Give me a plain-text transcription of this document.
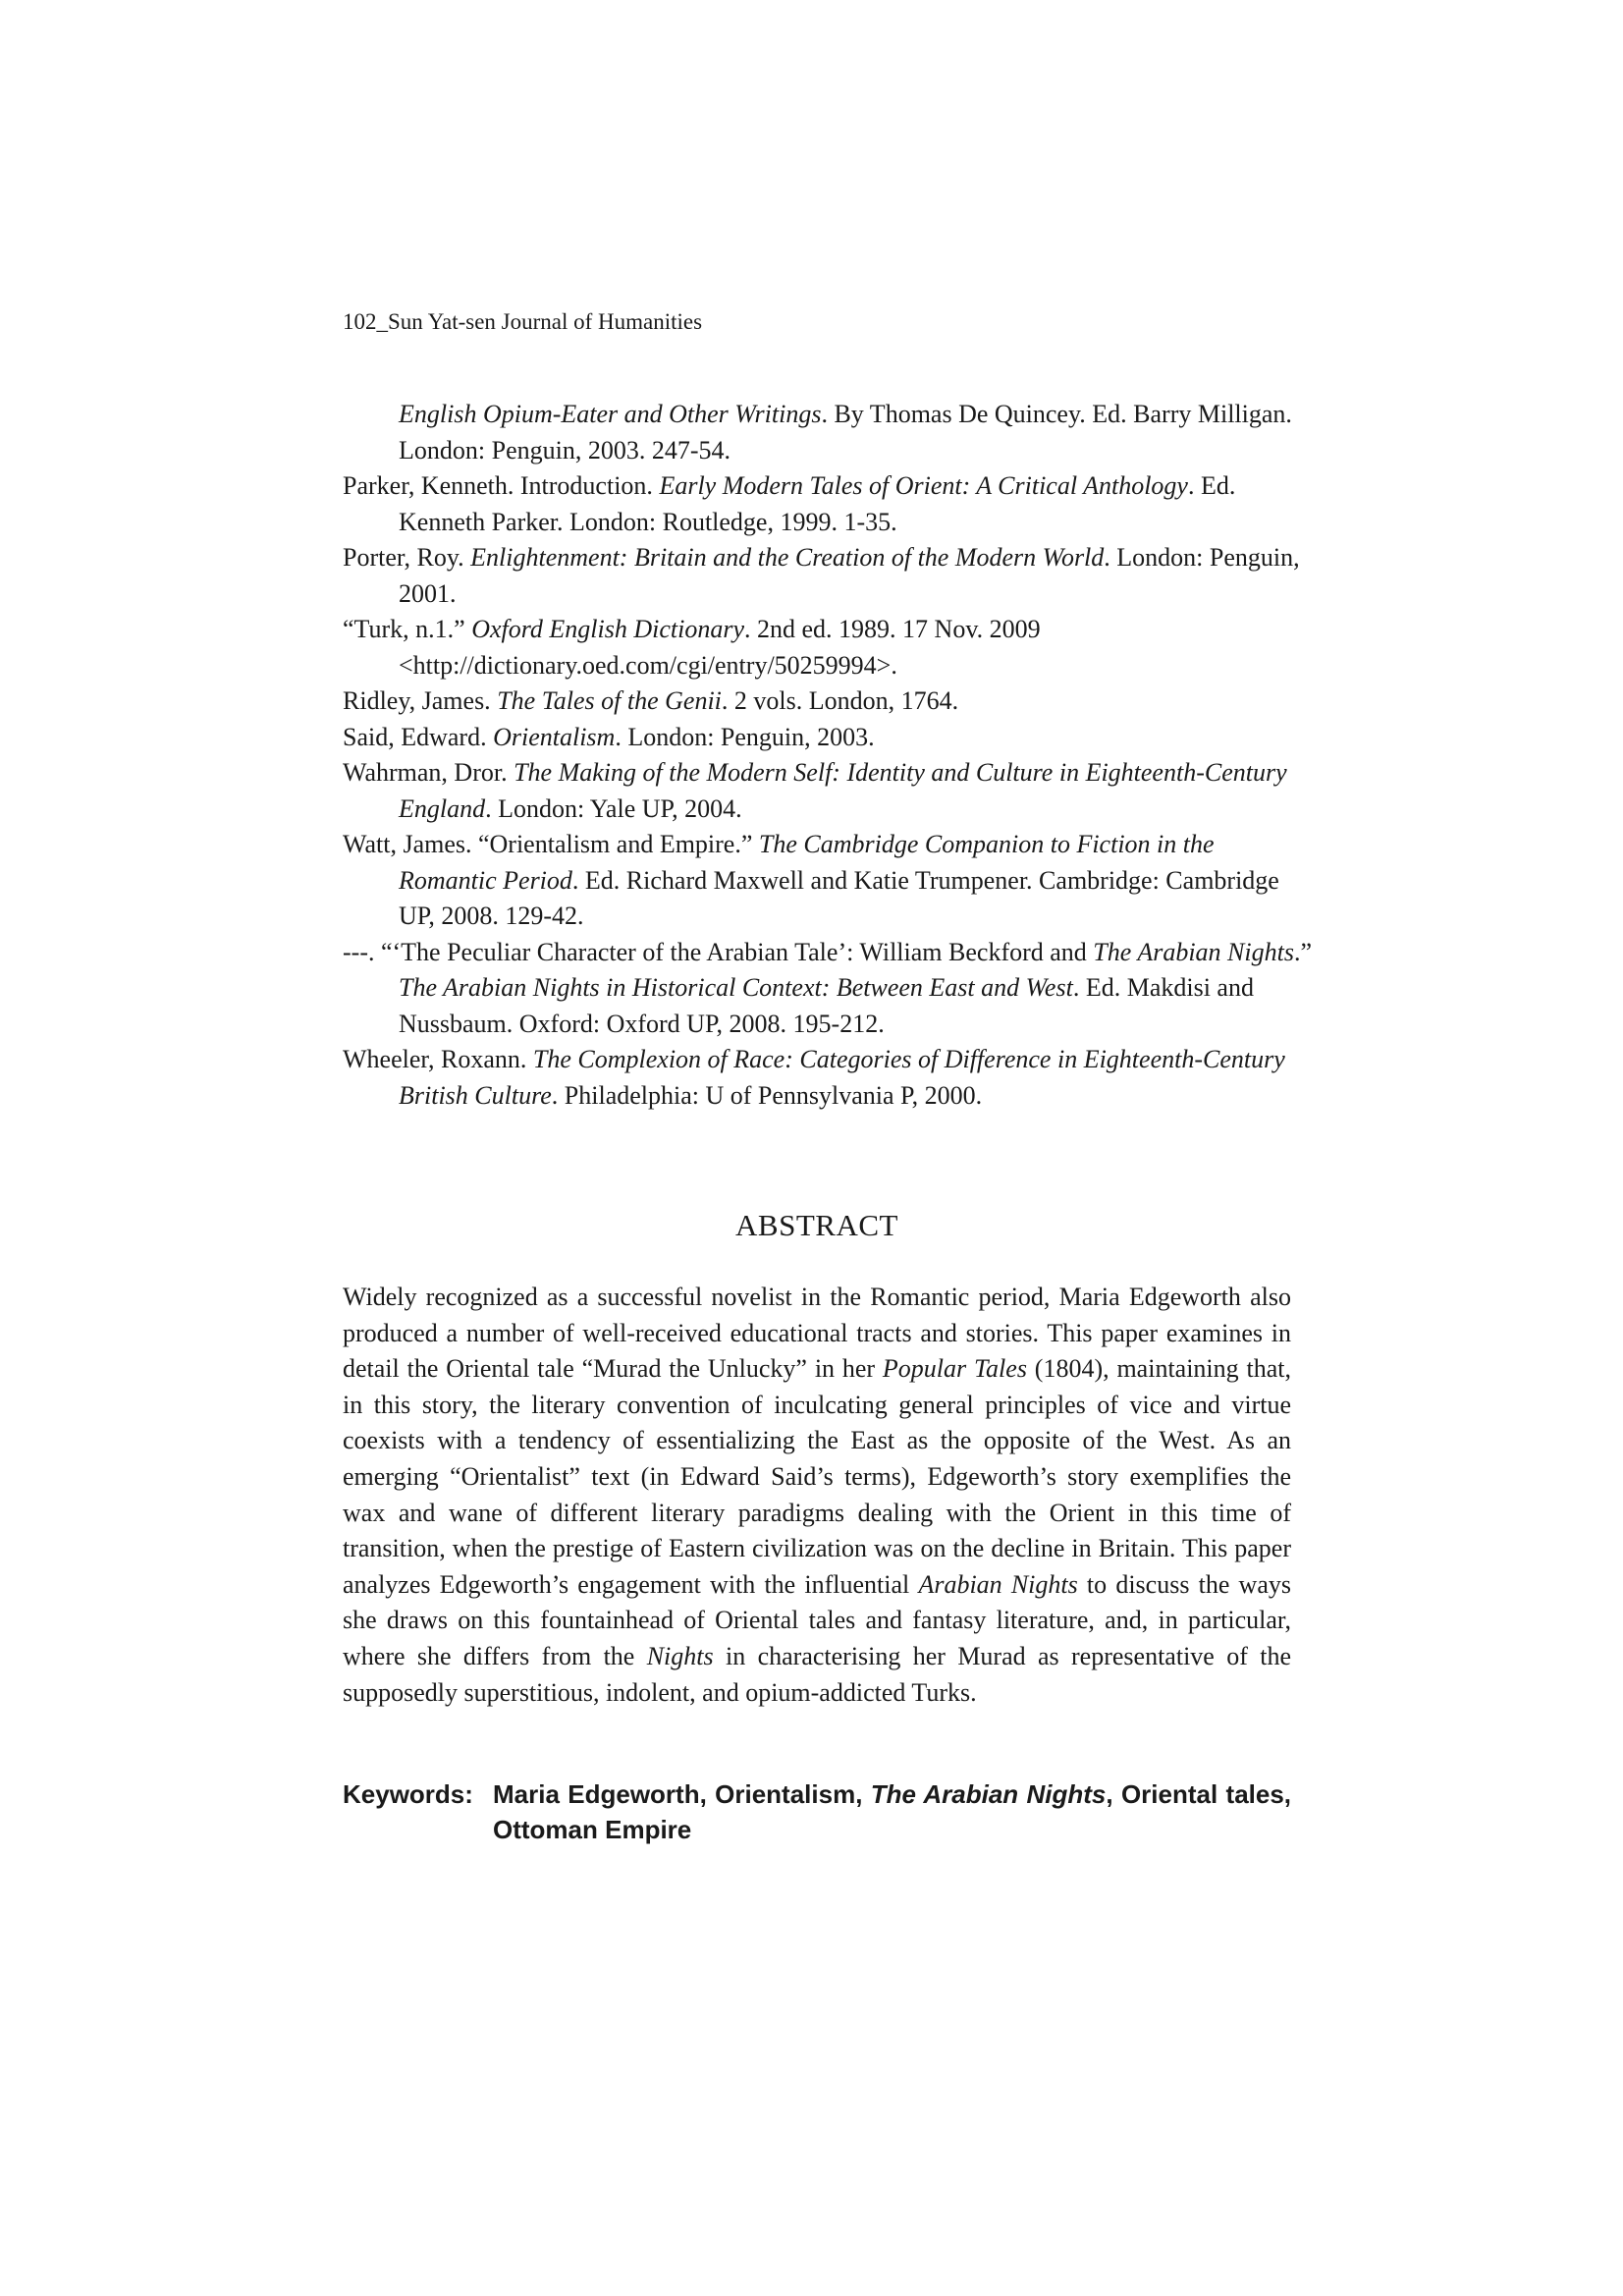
102_Sun Yat-sen Journal of Humanities

English Opium-Eater and Other Writings. By Thomas De Quincey. Ed. Barry Milligan. London: Penguin, 2003. 247-54.

Parker, Kenneth. Introduction. Early Modern Tales of Orient: A Critical Anthology. Ed. Kenneth Parker. London: Routledge, 1999. 1-35.

Porter, Roy. Enlightenment: Britain and the Creation of the Modern World. London: Penguin, 2001.

“Turk, n.1.” Oxford English Dictionary. 2nd ed. 1989. 17 Nov. 2009 <http://dictionary.oed.com/cgi/entry/50259994>.

Ridley, James. The Tales of the Genii. 2 vols. London, 1764.

Said, Edward. Orientalism. London: Penguin, 2003.

Wahrman, Dror. The Making of the Modern Self: Identity and Culture in Eighteenth-Century England. London: Yale UP, 2004.

Watt, James. “Orientalism and Empire.” The Cambridge Companion to Fiction in the Romantic Period. Ed. Richard Maxwell and Katie Trumpener. Cambridge: Cambridge UP, 2008. 129-42.

---. “‘The Peculiar Character of the Arabian Tale’: William Beckford and The Arabian Nights.” The Arabian Nights in Historical Context: Between East and West. Ed. Makdisi and Nussbaum. Oxford: Oxford UP, 2008. 195-212.

Wheeler, Roxann. The Complexion of Race: Categories of Difference in Eighteenth-Century British Culture. Philadelphia: U of Pennsylvania P, 2000.

ABSTRACT

Widely recognized as a successful novelist in the Romantic period, Maria Edgeworth also produced a number of well-received educational tracts and stories. This paper examines in detail the Oriental tale “Murad the Unlucky” in her Popular Tales (1804), maintaining that, in this story, the literary convention of inculcating general principles of vice and virtue coexists with a tendency of essentializing the East as the opposite of the West. As an emerging “Orientalist” text (in Edward Said’s terms), Edgeworth’s story exemplifies the wax and wane of different literary paradigms dealing with the Orient in this time of transition, when the prestige of Eastern civilization was on the decline in Britain. This paper analyzes Edgeworth’s engagement with the influential Arabian Nights to discuss the ways she draws on this fountainhead of Oriental tales and fantasy literature, and, in particular, where she differs from the Nights in characterising her Murad as representative of the supposedly superstitious, indolent, and opium-addicted Turks.

Keywords: Maria Edgeworth, Orientalism, The Arabian Nights, Oriental tales, Ottoman Empire
